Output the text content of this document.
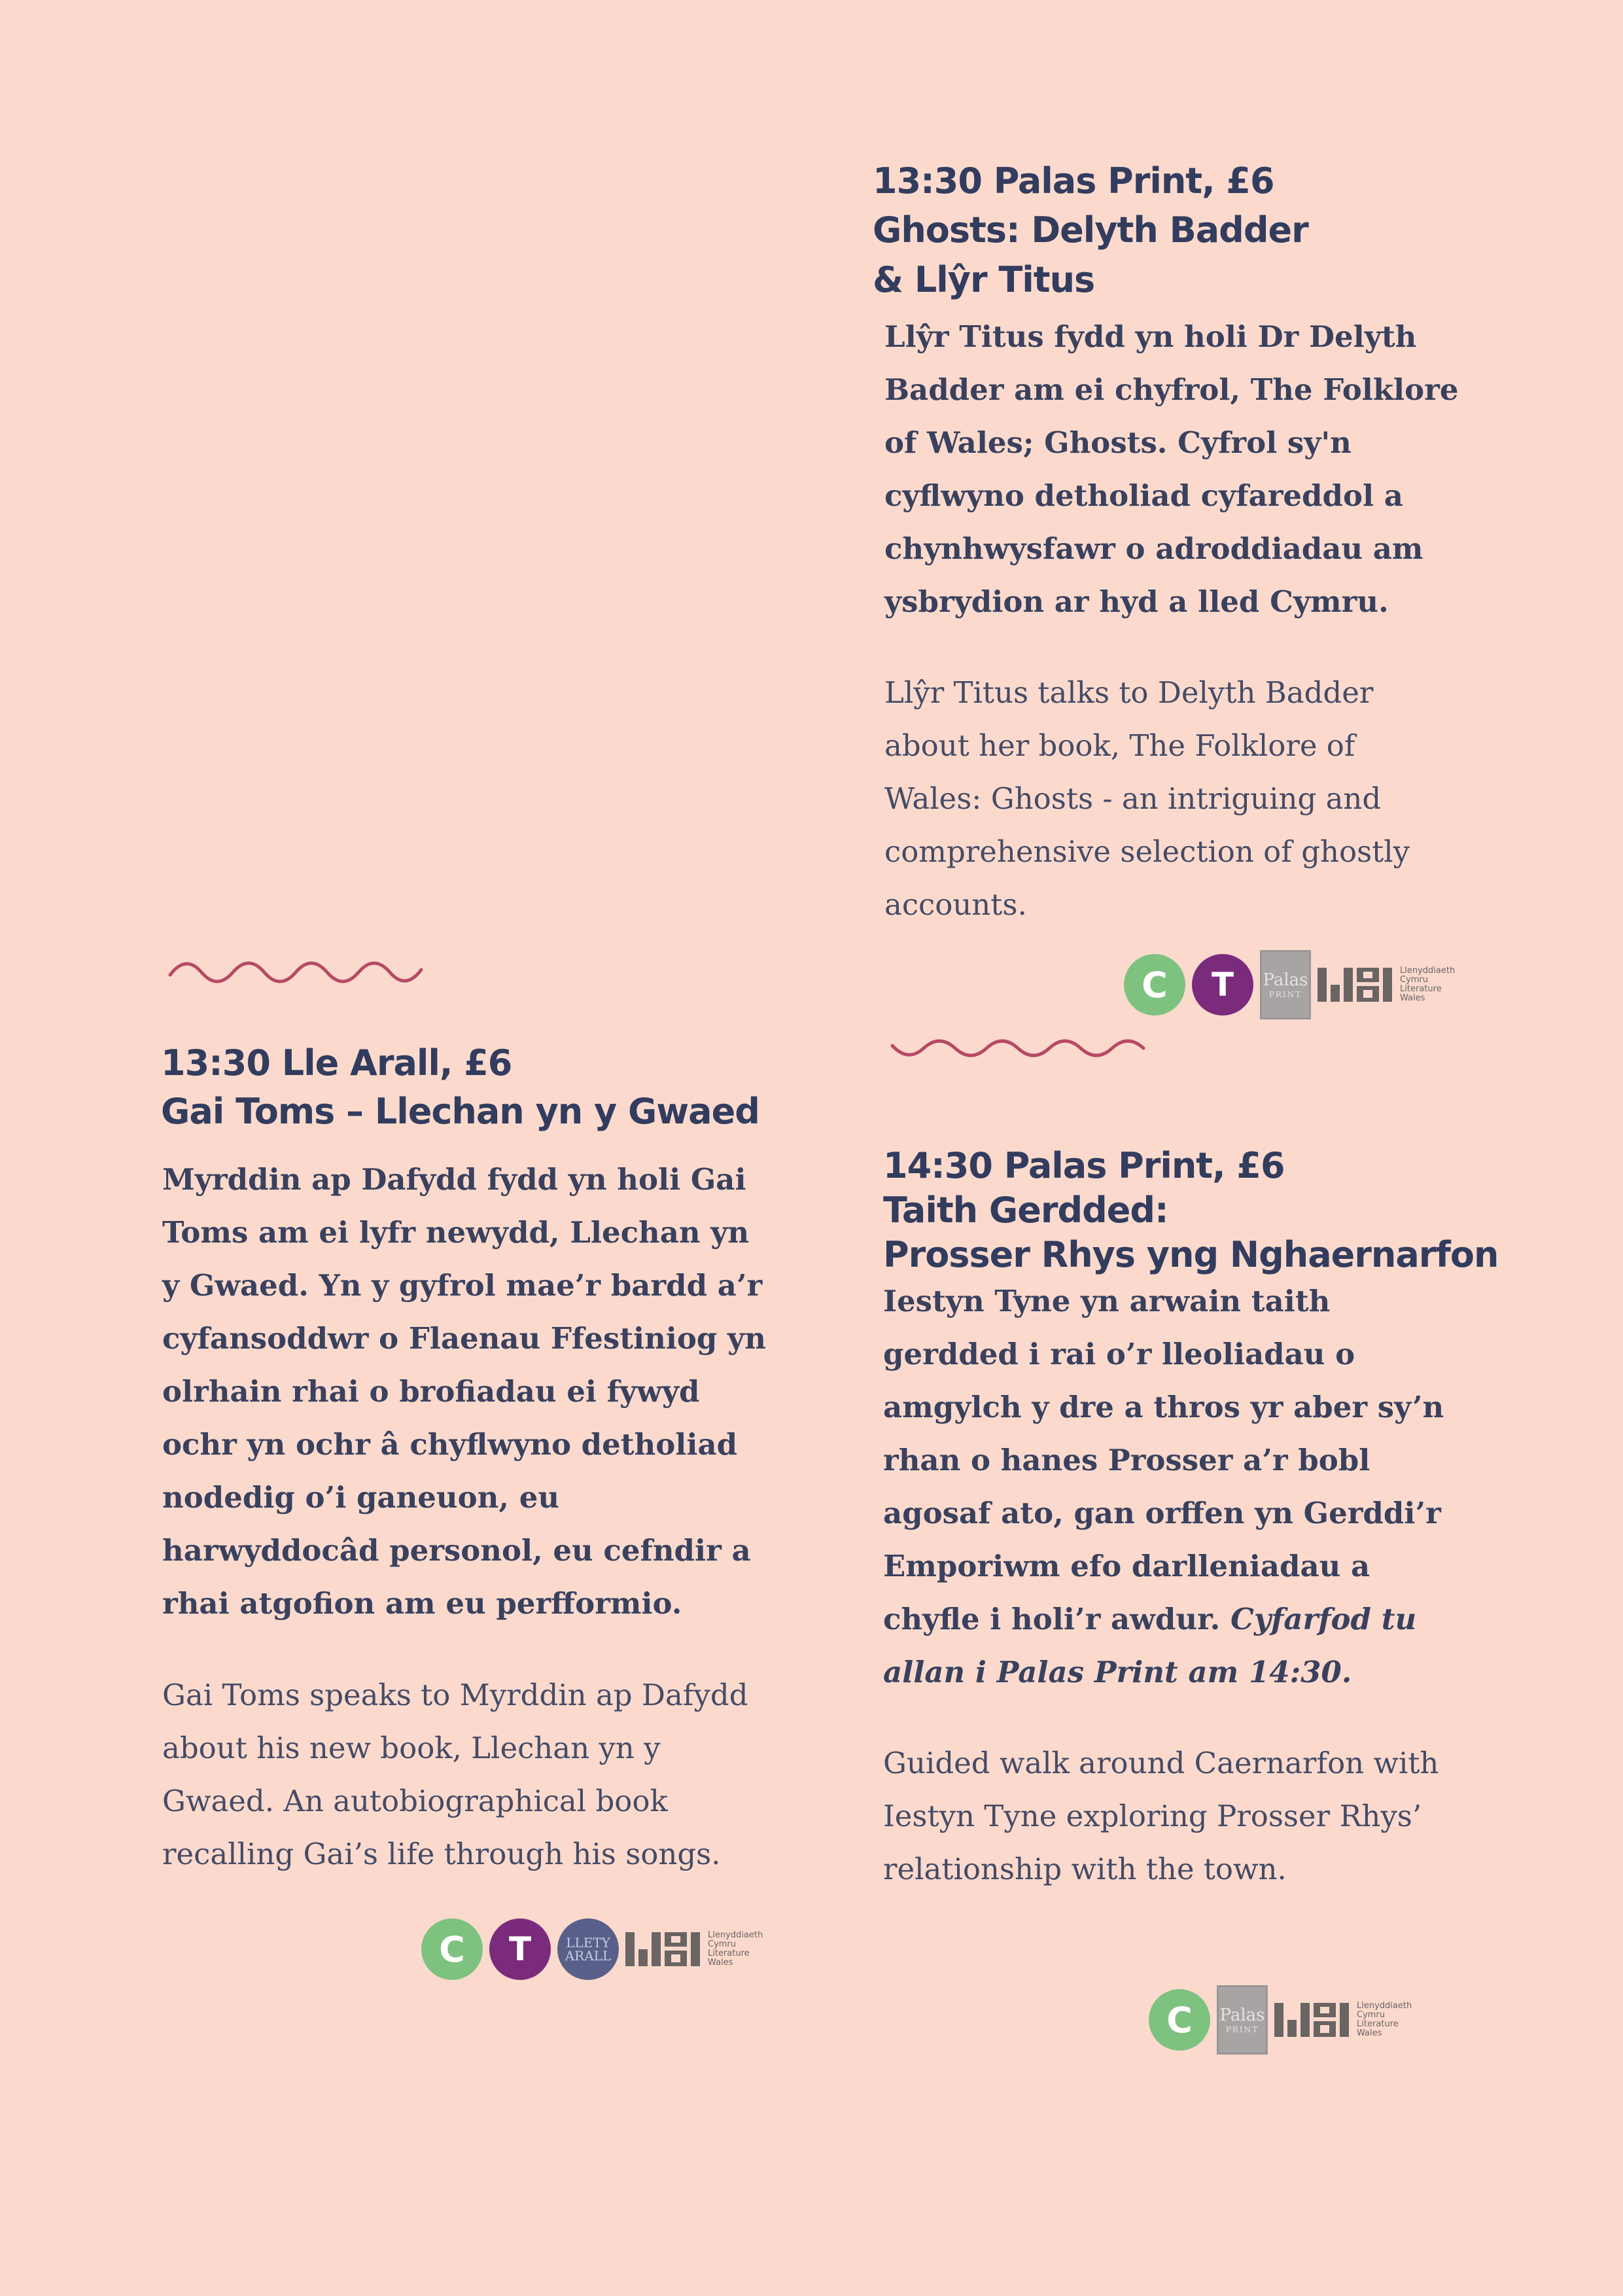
13:30 Palas Print, £6
Ghosts: Delyth Badder
& Llŷr Titus

Llŷr Titus fydd yn holi Dr Delyth Badder am ei chyfrol, The Folklore of Wales; Ghosts. Cyfrol sy'n cyflwyno detholiad cyfareddol a chynhwysfawr o adroddiadau am ysbrydion ar hyd a lled Cymru.

Llŷr Titus talks to Delyth Badder about her book, The Folklore of Wales: Ghosts - an intriguing and comprehensive selection of ghostly accounts.

C	T	Palas
PRINT
Llenyddiaeth
Cymru
Literature
Wales
13:30 Lle Arall, £6
Gai Toms – Llechan yn y Gwaed

Myrddin ap Dafydd fydd yn holi Gai Toms am ei lyfr newydd, Llechan yn y Gwaed. Yn y gyfrol mae’r bardd a’r cyfansoddwr o Flaenau Ffestiniog yn olrhain rhai o brofiadau ei fywyd ochr yn ochr â chyflwyno detholiad nodedig o’i ganeuon, eu harwyddocâd personol, eu cefndir a rhai atgofion am eu perfformio.

Gai Toms speaks to Myrddin ap Dafydd about his new book, Llechan yn y Gwaed. An autobiographical book recalling Gai’s life through his songs.

C	T	LLETY
ARALL
Llenyddiaeth
Cymru
Literature
Wales
14:30 Palas Print, £6
Taith Gerdded:
Prosser Rhys yng Nghaernarfon

Iestyn Tyne yn arwain taith gerdded i rai o’r lleoliadau o amgylch y dre a thros yr aber sy’n rhan o hanes Prosser a’r bobl agosaf ato, gan orffen yn Gerddi’r Emporiwm efo darlleniadau a chyfle i holi’r awdur. Cyfarfod tu allan i Palas Print am 14:30.

Guided walk around Caernarfon with Iestyn Tyne exploring Prosser Rhys’ relationship with the town.

C	Palas
PRINT
Llenyddiaeth
Cymru
Literature
Wales
